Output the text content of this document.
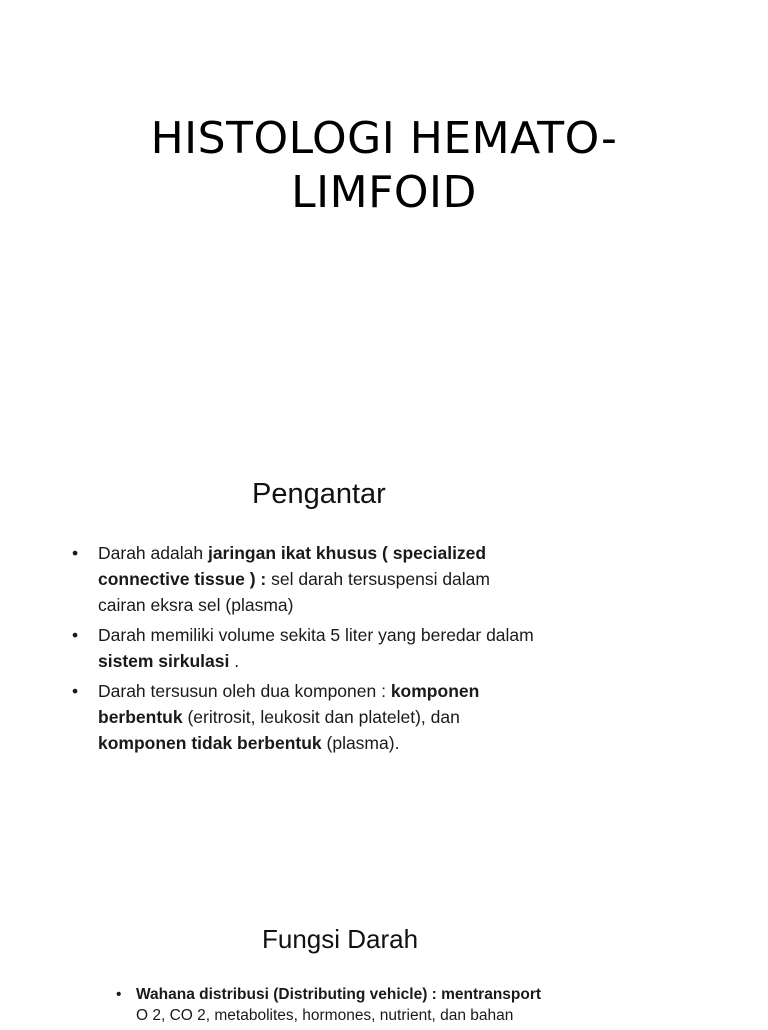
HISTOLOGI HEMATO-
LIMFOID
Pengantar
• Darah adalah jaringan ikat khusus ( specialized connective tissue ) : sel darah tersuspensi dalam cairan eksra sel (plasma)
• Darah memiliki volume sekita 5 liter yang beredar dalam sistem sirkulasi .
• Darah tersusun oleh dua komponen : komponen berbentuk (eritrosit, leukosit dan platelet), dan komponen tidak berbentuk (plasma).
Fungsi Darah
• Wahana distribusi (Distributing vehicle) : mentransport
O 2, CO 2, metabolites, hormones, nutrient, dan bahan
